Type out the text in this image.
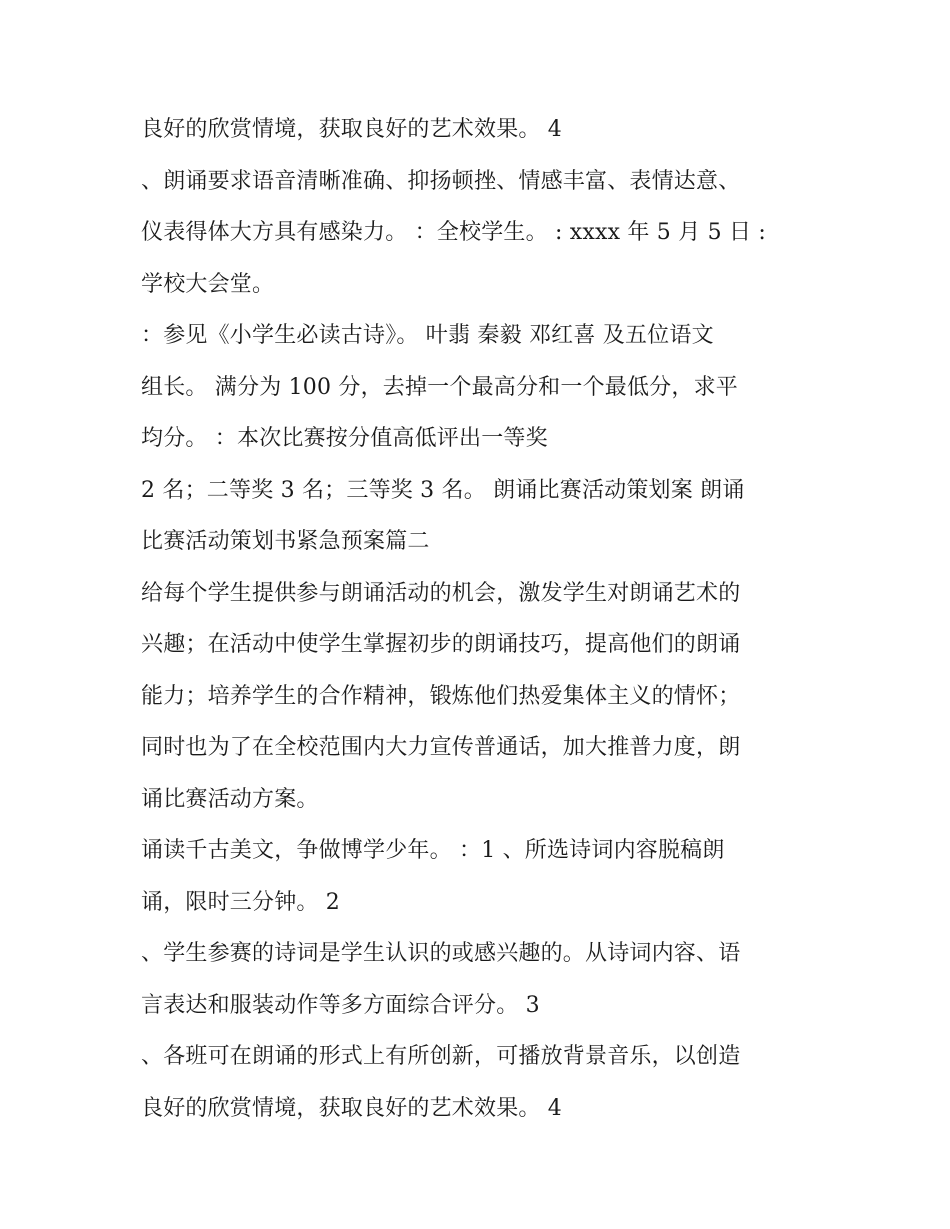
良好的欣赏情境，获取良好的艺术效果。 4
、朗诵要求语音清晰准确、抑扬顿挫、情感丰富、表情达意、
仪表得体大方具有感染力。 ：全校学生。 : xxxx 年 5 月 5 日 :
学校大会堂。
：参见《小学生必读古诗》。 叶翡 秦毅 邓红喜 及五位语文
组长。 满分为 100 分，去掉一个最高分和一个最低分，求平
均分。 ：本次比赛按分值高低评出一等奖
2 名；二等奖 3 名；三等奖 3 名。 朗诵比赛活动策划案 朗诵
比赛活动策划书紧急预案篇二
给每个学生提供参与朗诵活动的机会，激发学生对朗诵艺术的
兴趣；在活动中使学生掌握初步的朗诵技巧，提高他们的朗诵
能力；培养学生的合作精神，锻炼他们热爱集体主义的情怀；
同时也为了在全校范围内大力宣传普通话，加大推普力度，朗
诵比赛活动方案。
诵读千古美文，争做博学少年。 ：1 、所选诗词内容脱稿朗
诵，限时三分钟。 2
、学生参赛的诗词是学生认识的或感兴趣的。从诗词内容、语
言表达和服装动作等多方面综合评分。 3
、各班可在朗诵的形式上有所创新，可播放背景音乐，以创造
良好的欣赏情境，获取良好的艺术效果。 4
